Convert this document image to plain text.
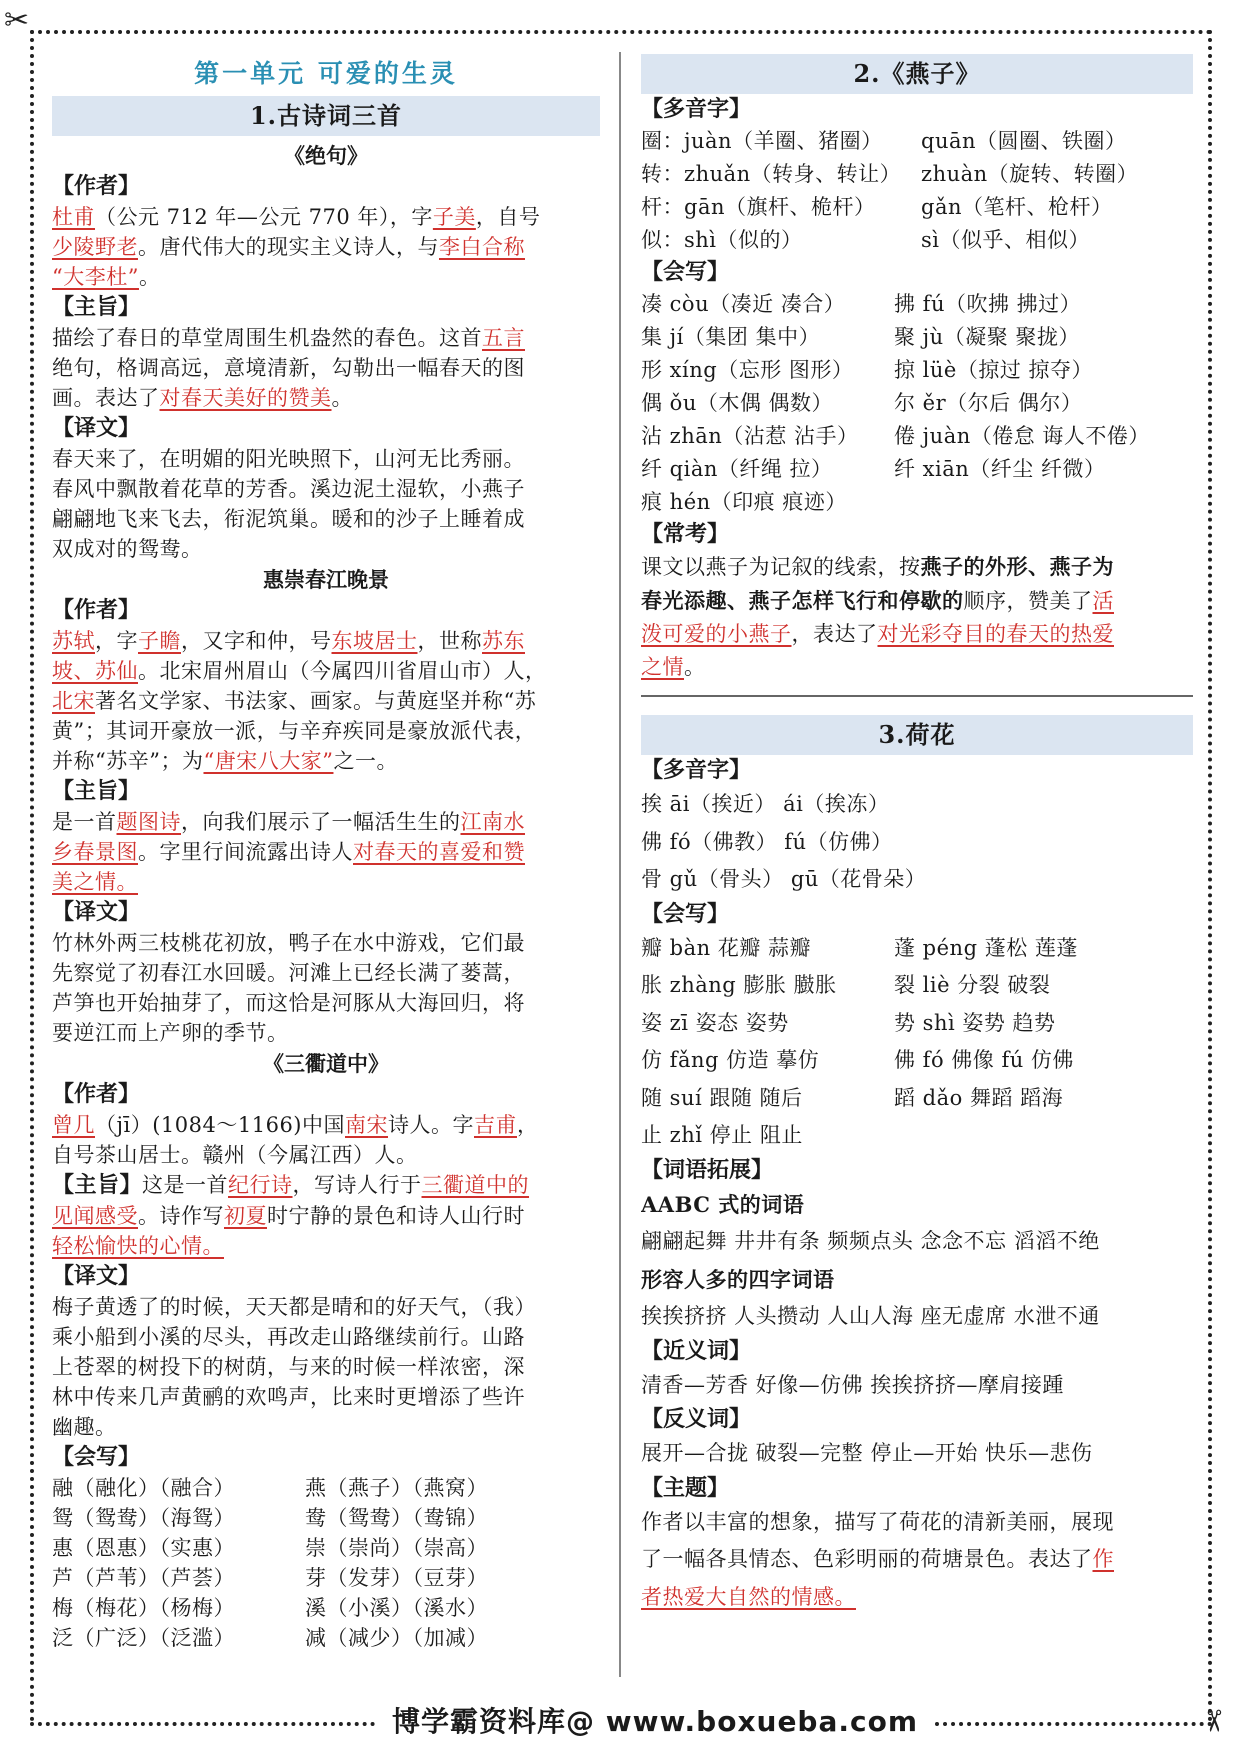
✂
✂
第一单元 可爱的生灵
1.古诗词三首
《绝句》
【作者】
杜甫（公元 712 年—公元 770 年），字子美，自号
少陵野老。唐代伟大的现实主义诗人，与李白合称
“大李杜”。
【主旨】
描绘了春日的草堂周围生机盎然的春色。这首五言
绝句，格调高远，意境清新，勾勒出一幅春天的图
画。表达了对春天美好的赞美。
【译文】
春天来了，在明媚的阳光映照下，山河无比秀丽。
春风中飘散着花草的芳香。溪边泥土湿软，小燕子
翩翩地飞来飞去，衔泥筑巢。暖和的沙子上睡着成
双成对的鸳鸯。
惠崇春江晚景
【作者】
苏轼，字子瞻，又字和仲，号东坡居士，世称苏东
坡、苏仙。北宋眉州眉山（今属四川省眉山市）人，
北宋著名文学家、书法家、画家。与黄庭坚并称“苏
黄”；其词开豪放一派，与辛弃疾同是豪放派代表，
并称“苏辛”；为“唐宋八大家”之一。
【主旨】
是一首题图诗，向我们展示了一幅活生生的江南水
乡春景图。字里行间流露出诗人对春天的喜爱和赞
美之情。
【译文】
竹林外两三枝桃花初放，鸭子在水中游戏，它们最
先察觉了初春江水回暖。河滩上已经长满了蒌蒿，
芦笋也开始抽芽了，而这恰是河豚从大海回归，将
要逆江而上产卵的季节。
《三衢道中》
【作者】
曾几（jī）(1084～1166)中国南宋诗人。字吉甫，
自号茶山居士。赣州（今属江西）人。
【主旨】这是一首纪行诗，写诗人行于三衢道中的
见闻感受。诗作写初夏时宁静的景色和诗人山行时
轻松愉快的心情。
【译文】
梅子黄透了的时候，天天都是晴和的好天气，（我）
乘小船到小溪的尽头，再改走山路继续前行。山路
上苍翠的树投下的树荫，与来的时候一样浓密，深
林中传来几声黄鹂的欢鸣声，比来时更增添了些许
幽趣。
【会写】
融（融化）（融合）	燕（燕子）（燕窝）
鸳（鸳鸯）（海鸳）	鸯（鸳鸯）（鸯锦）
惠（恩惠）（实惠）	崇（崇尚）（崇高）
芦（芦苇）（芦荟）	芽（发芽）（豆芽）
梅（梅花）（杨梅）	溪（小溪）（溪水）
泛（广泛）（泛滥）	减（减少）（加减）
2.《燕子》
【多音字】
圈：juàn（羊圈、猪圈）	quān（圆圈、铁圈）
转：zhuǎn（转身、转让） zhuàn（旋转、转圈）
杆：gān（旗杆、桅杆）	gǎn（笔杆、枪杆）
似：shì（似的）	sì（似乎、相似）
【会写】
凑 còu（凑近 凑合）	拂 fú（吹拂 拂过）
集 jí（集团 集中）	聚 jù（凝聚 聚拢）
形 xíng（忘形 图形）	掠 lüè（掠过 掠夺）
偶 ǒu（木偶 偶数）	尔 ěr（尔后 偶尔）
沾 zhān（沾惹 沾手）	倦 juàn（倦怠 诲人不倦）
纤 qiàn（纤绳 拉）	纤 xiān（纤尘 纤微）
痕 hén（印痕 痕迹）
【常考】
课文以燕子为记叙的线索，按燕子的外形、燕子为
春光添趣、燕子怎样飞行和停歇的顺序，赞美了活
泼可爱的小燕子，表达了对光彩夺目的春天的热爱
之情。
3.荷花
【多音字】
挨 āi（挨近） ái（挨冻）
佛 fó（佛教） fú（仿佛）
骨 gǔ（骨头） gū（花骨朵）
【会写】
瓣 bàn 花瓣 蒜瓣	蓬 péng 蓬松 莲蓬
胀 zhàng 膨胀 臌胀	裂 liè 分裂 破裂
姿 zī 姿态 姿势	势 shì 姿势 趋势
仿 fǎng 仿造 摹仿	佛 fó 佛像 fú 仿佛
随 suí 跟随 随后	蹈 dǎo 舞蹈 蹈海
止 zhǐ 停止 阻止
【词语拓展】
AABC 式的词语
翩翩起舞 井井有条 频频点头 念念不忘 滔滔不绝
形容人多的四字词语
挨挨挤挤 人头攒动 人山人海 座无虚席 水泄不通
【近义词】
清香—芳香 好像—仿佛 挨挨挤挤—摩肩接踵
【反义词】
展开—合拢 破裂—完整 停止—开始 快乐—悲伤
【主题】
作者以丰富的想象，描写了荷花的清新美丽，展现
了一幅各具情态、色彩明丽的荷塘景色。表达了作
者热爱大自然的情感。
博学霸资料库@ www.boxueba.com
